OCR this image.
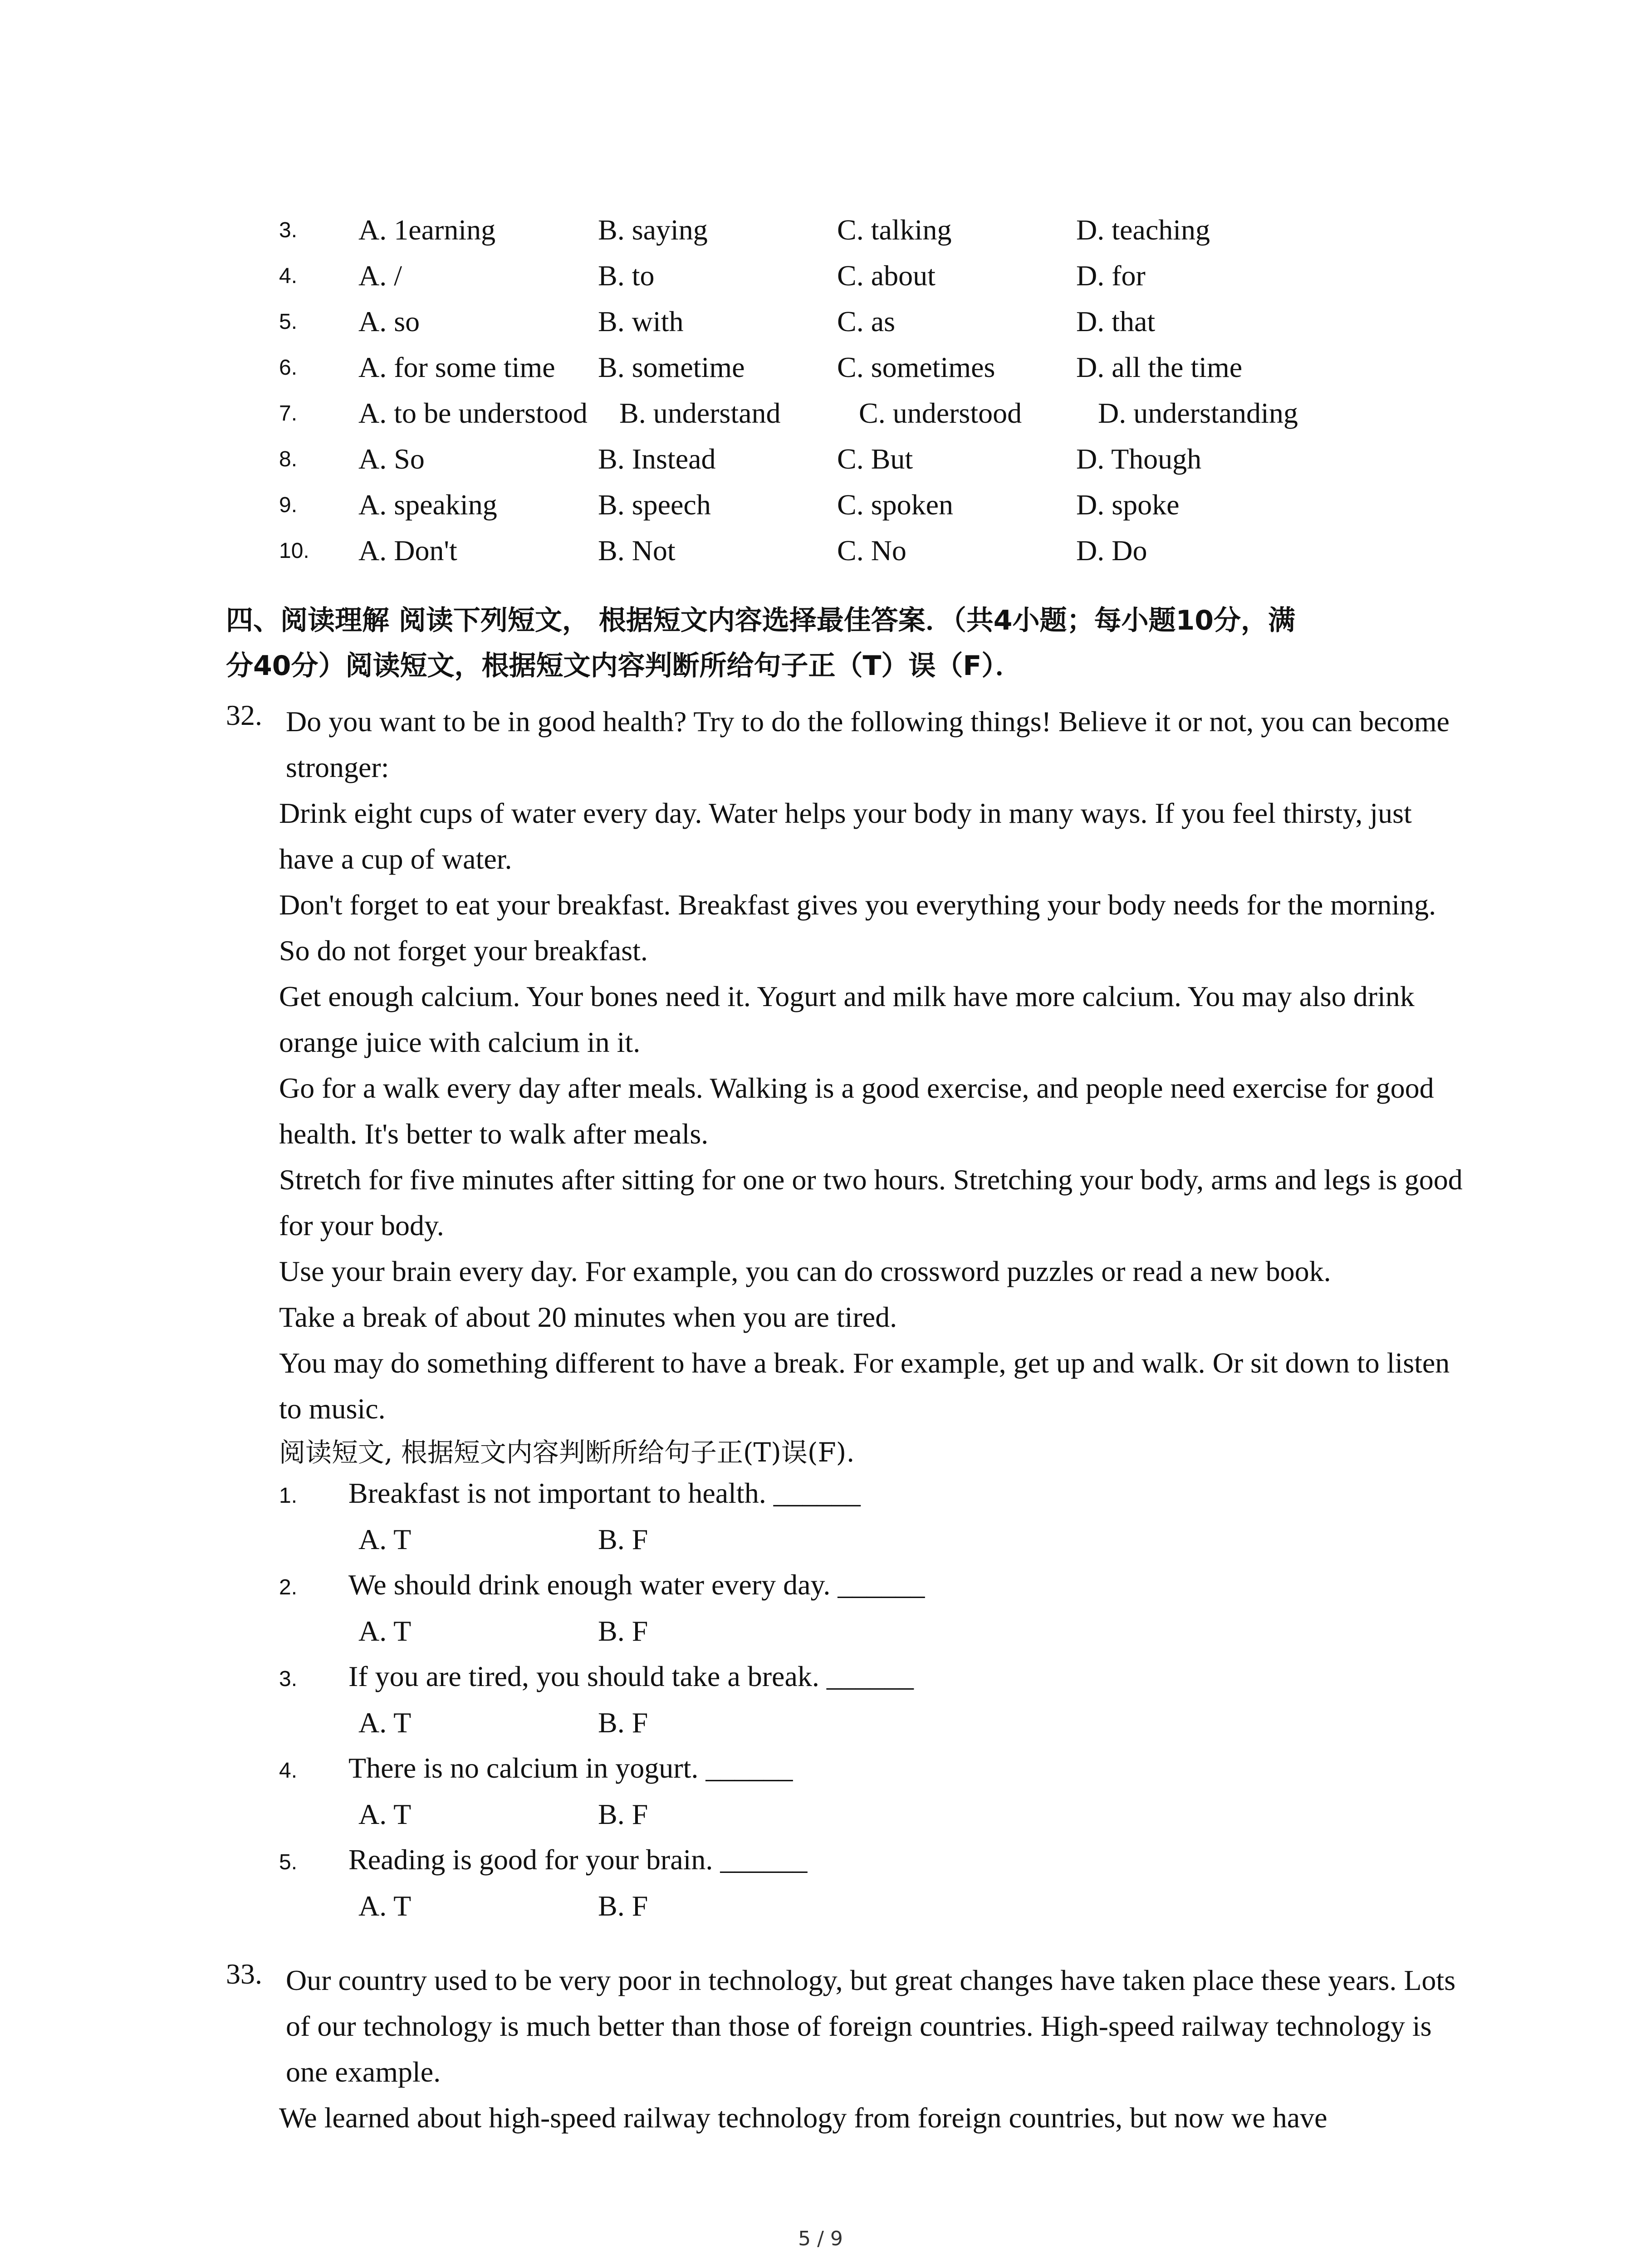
3. A. 1earning	B. saying	C. talking	D. teaching
4. A. /	B. to	C. about	D. for
5. A. so	B. with	C. as	D. that
6. A. for some time B. sometime	C. sometimes	D. all the time
7. A. to be understood B. understand	C. understood	D. understanding
8. A. So	B. Instead	C. But	D. Though
9. A. speaking	B. speech	C. spoken	D. spoke
10. A. Don't	B. Not	C. No	D. Do
四、阅读理解 阅读下列短文， 根据短文内容选择最佳答案．（共4小题；每小题10分，满
分40分）阅读短文，根据短文内容判断所给句子正（T）误（F）．
32. Do you want to be in good health? Try to do the following things! Believe it or not, you can become stronger:

Drink eight cups of water every day. Water helps your body in many ways. If you feel thirsty, just have a cup of water.

Don't forget to eat your breakfast. Breakfast gives you everything your body needs for the morning. So do not forget your breakfast.

Get enough calcium. Your bones need it. Yogurt and milk have more calcium. You may also drink orange juice with calcium in it.

Go for a walk every day after meals. Walking is a good exercise, and people need exercise for good health. It's better to walk after meals.

Stretch for five minutes after sitting for one or two hours. Stretching your body, arms and legs is good for your body.

Use your brain every day. For example, you can do crossword puzzles or read a new book.

Take a break of about 20 minutes when you are tired.

You may do something different to have a break. For example, get up and walk. Or sit down to listen to music.

阅读短文, 根据短文内容判断所给句子正(T)误(F).
1. Breakfast is not important to health. ______
A. T	B. F
2. We should drink enough water every day. ______
A. T	B. F
3. If you are tired, you should take a break. ______
A. T	B. F
4. There is no calcium in yogurt. ______
A. T	B. F
5. Reading is good for your brain. ______
A. T	B. F
33. Our country used to be very poor in technology, but great changes have taken place these years. Lots of our technology is much better than those of foreign countries. High-speed railway technology is one example.

We learned about high-speed railway technology from foreign countries, but now we have

5 / 9
